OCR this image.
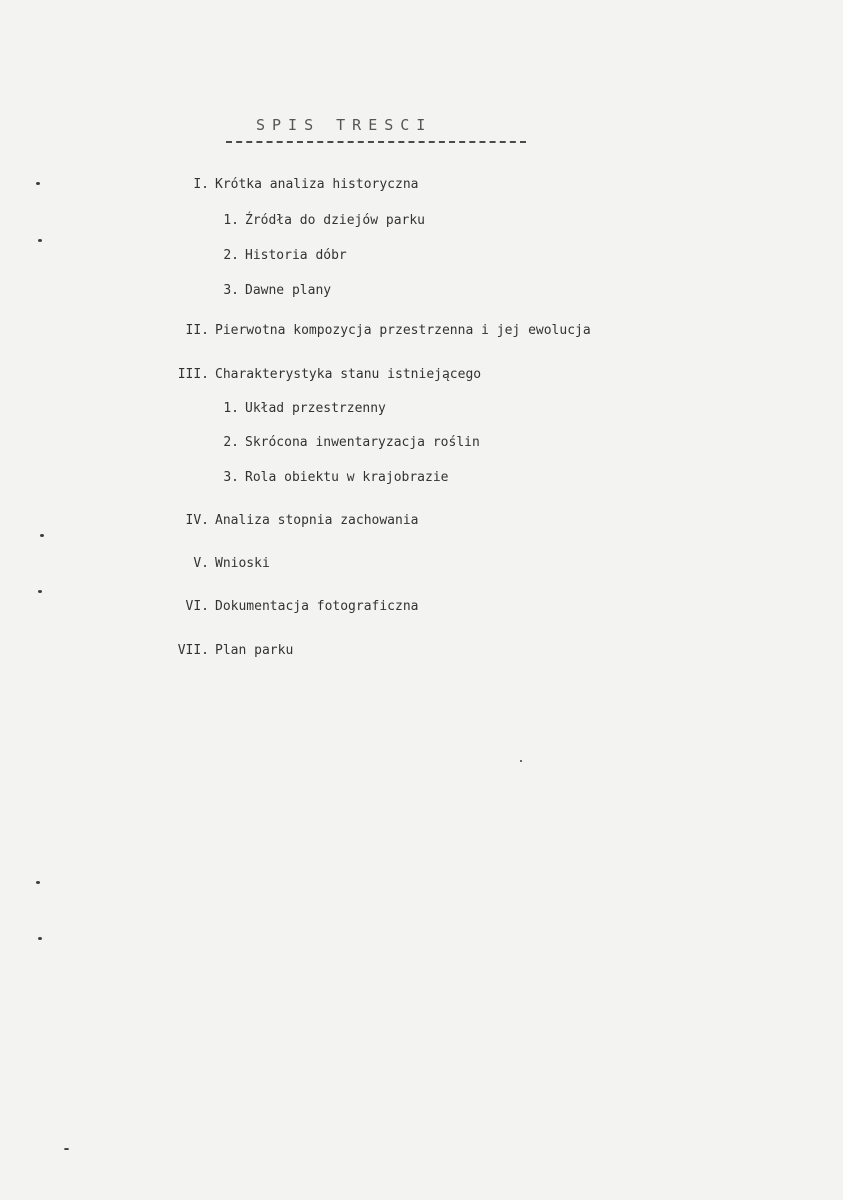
SPIS TRESCI
I. Krótka analiza historyczna
1. Źródła do dziejów parku
2. Historia dóbr
3. Dawne plany
II. Pierwotna kompozycja przestrzenna i jej ewolucja
III. Charakterystyka stanu istniejącego
1. Układ przestrzenny
2. Skrócona inwentaryzacja roślin
3. Rola obiektu w krajobrazie
IV. Analiza stopnia zachowania
V. Wnioski
VI. Dokumentacja fotograficzna
VII. Plan parku
